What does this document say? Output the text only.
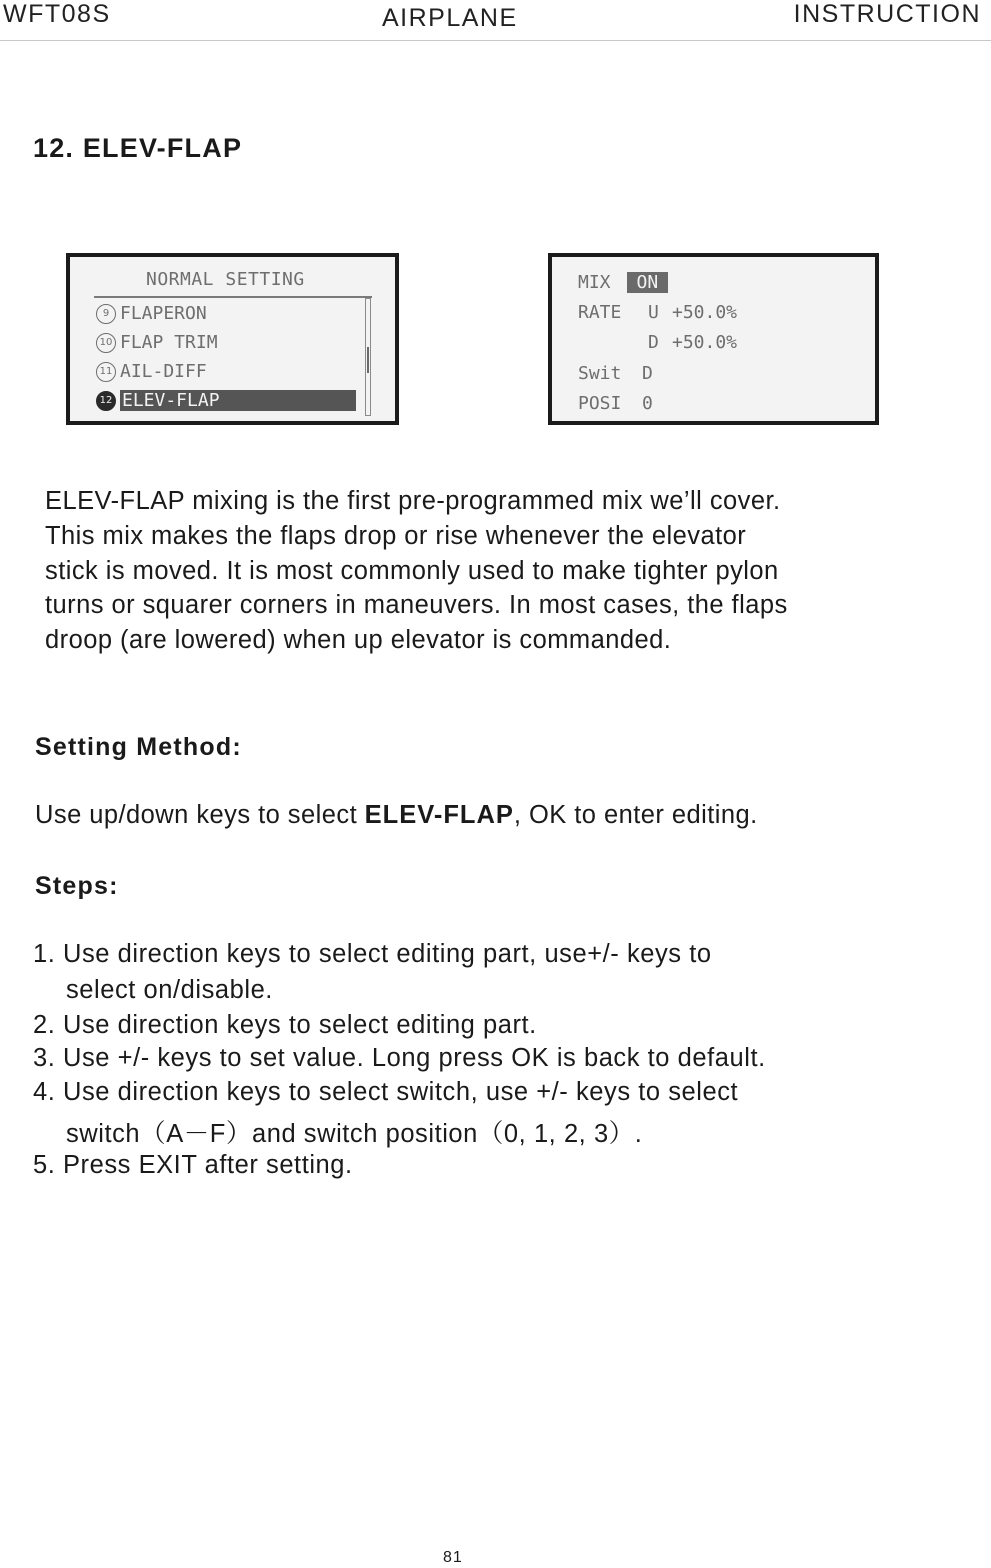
WFT08S	AIRPLANE	INSTRUCTION
12. ELEV-FLAP
NORMAL SETTING
9 FLAPERON
10 FLAP TRIM
11 AIL-DIFF
12 ELEV-FLAP
MIX ON
RATE U +50.0%
D +50.0%
Swit D
POSI 0
ELEV-FLAP mixing is the first pre-programmed mix we’ll cover.
This mix makes the flaps drop or rise whenever the elevator
stick is moved. It is most commonly used to make tighter pylon
turns or squarer corners in maneuvers. In most cases, the flaps
droop (are lowered) when up elevator is commanded.
Setting Method:
Use up/down keys to select ELEV-FLAP, OK to enter editing.
Steps:
1. Use direction keys to select editing part, use+/- keys to
select on/disable.
2. Use direction keys to select editing part.
3. Use +/- keys to set value. Long press OK is back to default.
4. Use direction keys to select switch, use +/- keys to select
switch（A－F）and switch position（0, 1, 2, 3）.
5. Press EXIT after setting.
81
